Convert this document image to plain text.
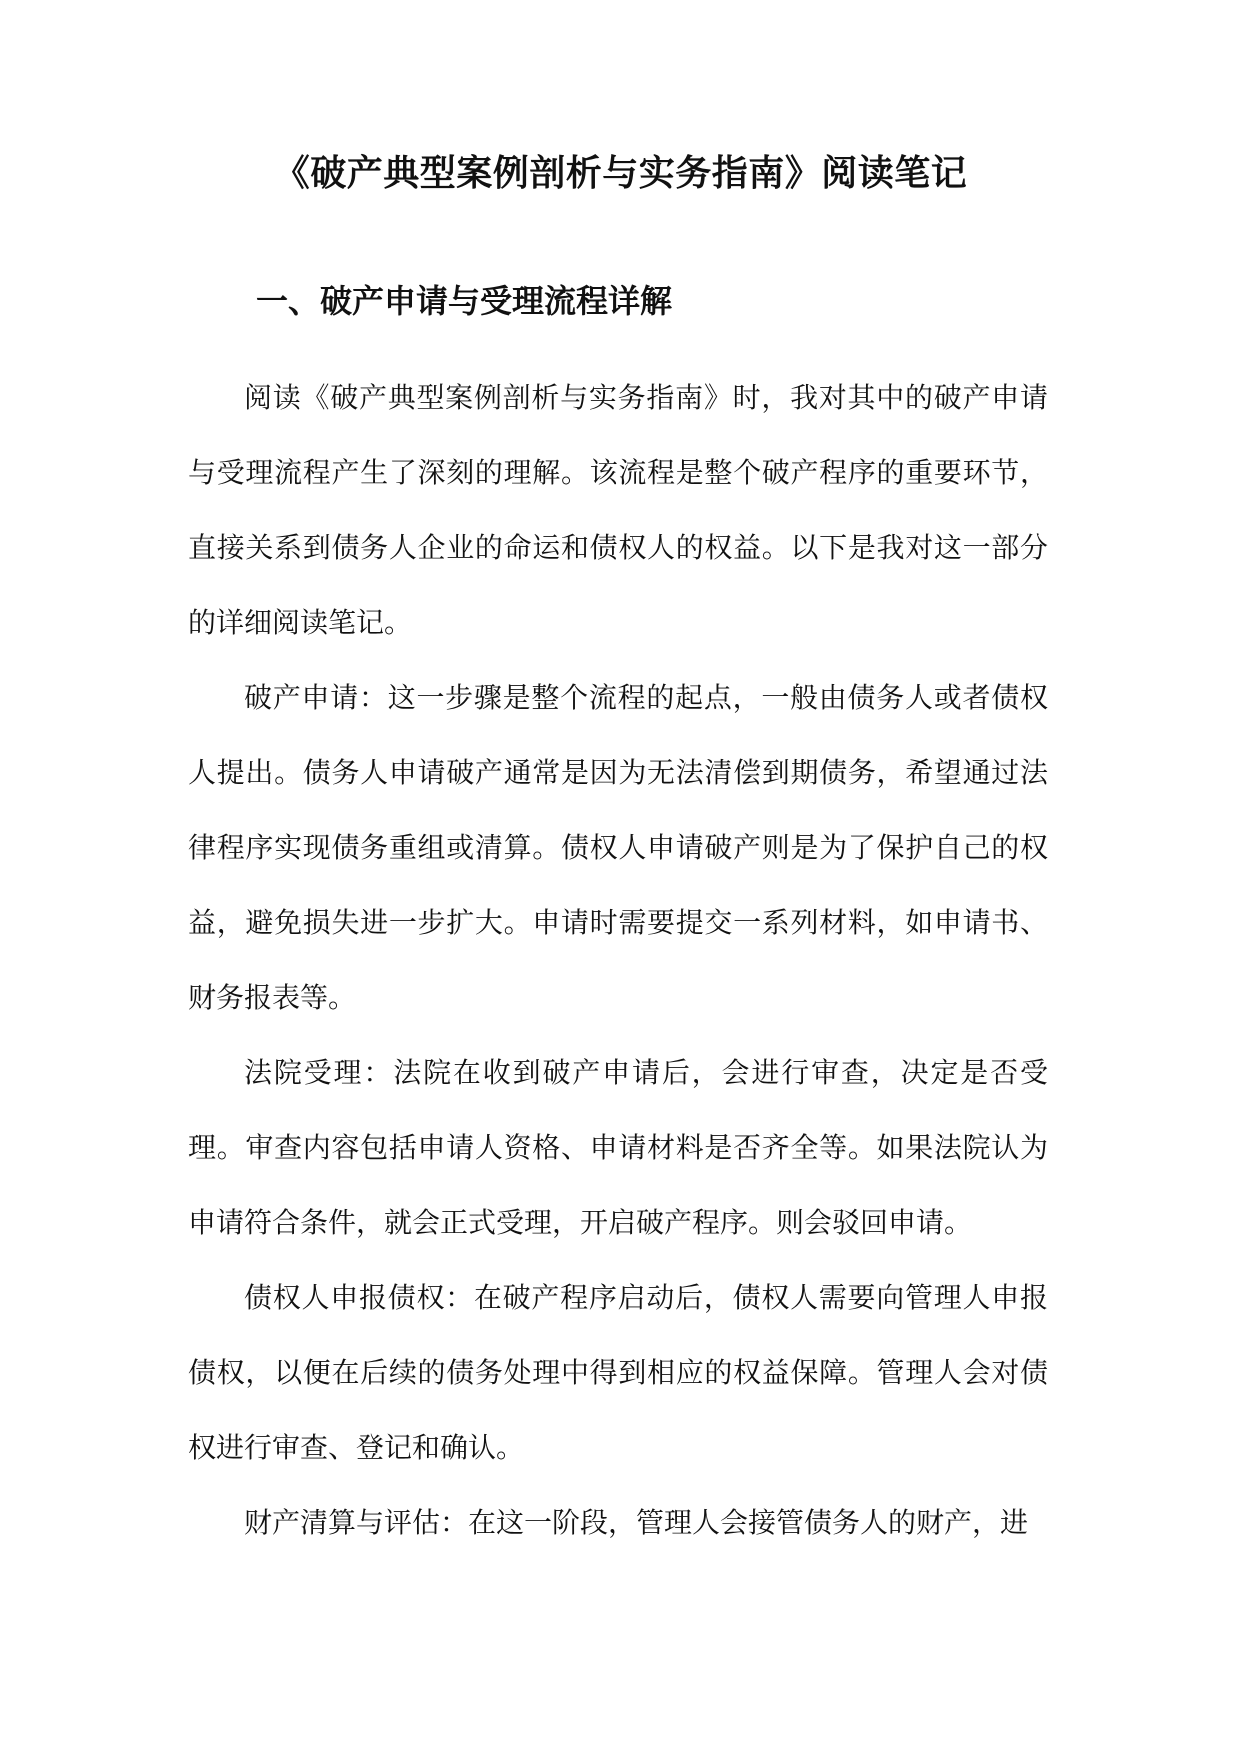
《破产典型案例剖析与实务指南》阅读笔记
一、破产申请与受理流程详解

阅读《破产典型案例剖析与实务指南》时，我对其中的破产申请与受理流程产生了深刻的理解。该流程是整个破产程序的重要环节，直接关系到债务人企业的命运和债权人的权益。以下是我对这一部分的详细阅读笔记。

破产申请：这一步骤是整个流程的起点，一般由债务人或者债权人提出。债务人申请破产通常是因为无法清偿到期债务，希望通过法律程序实现债务重组或清算。债权人申请破产则是为了保护自己的权益，避免损失进一步扩大。申请时需要提交一系列材料，如申请书、财务报表等。

法院受理：法院在收到破产申请后，会进行审查，决定是否受理。审查内容包括申请人资格、申请材料是否齐全等。如果法院认为申请符合条件，就会正式受理，开启破产程序。则会驳回申请。

债权人申报债权：在破产程序启动后，债权人需要向管理人申报债权，以便在后续的债务处理中得到相应的权益保障。管理人会对债权进行审查、登记和确认。

财产清算与评估：在这一阶段，管理人会接管债务人的财产，进
